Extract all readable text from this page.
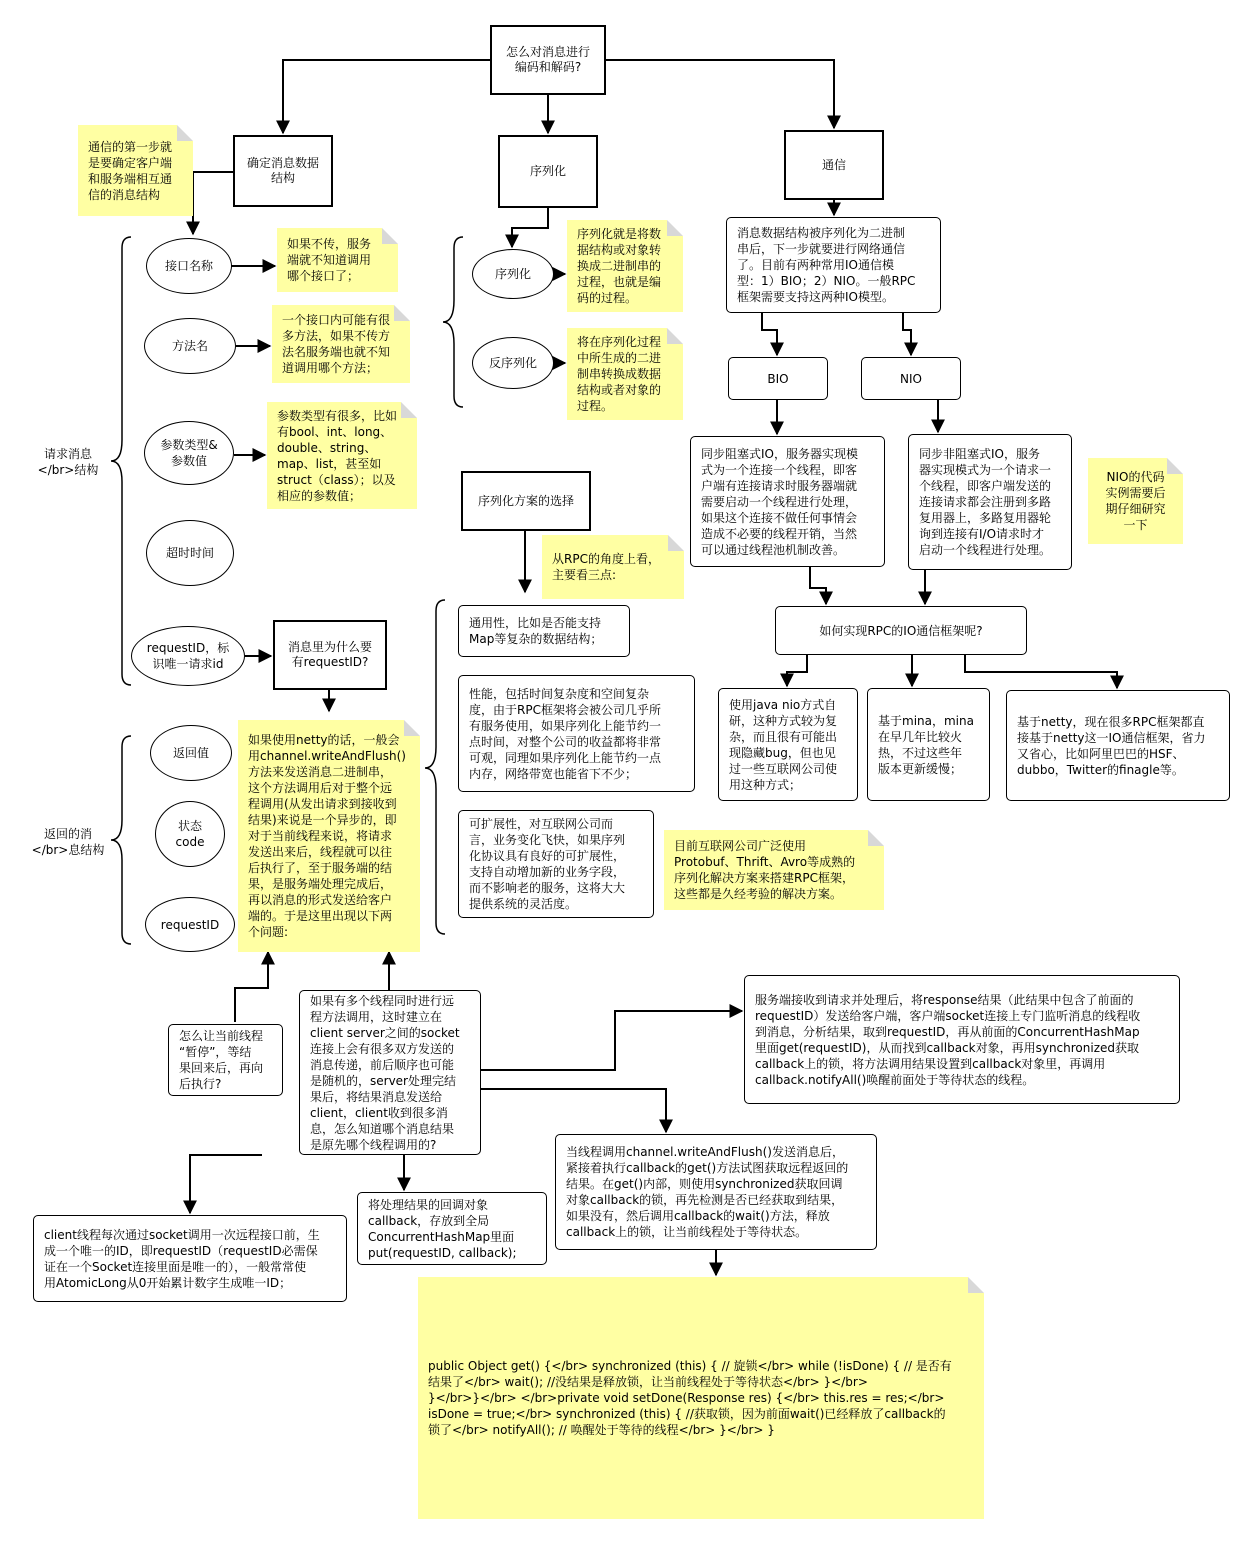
怎么对消息进行
编码和解码?
确定消息数据
结构	序列化	通信
通信的第一步就
是要确定客户端
和服务端相互通
信的消息结构
请求消息
</br>结构
返回的消
</br>息结构
接口名称
如果不传，服务
端就不知道调用
哪个接口了；
方法名
一个接口内可能有很
多方法，如果不传方
法名服务端也就不知
道调用哪个方法；
参数类型&
参数值
参数类型有很多，比如
有bool、int、long、
double、string、
map、list，甚至如
struct（class）；以及
相应的参数值；
超时时间
requestID，标
识唯一请求id
消息里为什么要
有requestID?
返回值
状态
code
requestID
如果使用netty的话，一般会
用channel.writeAndFlush()
方法来发送消息二进制串，
这个方法调用后对于整个远
程调用(从发出请求到接收到
结果)来说是一个异步的，即
对于当前线程来说，将请求
发送出来后，线程就可以往
后执行了，至于服务端的结
果，是服务端处理完成后，
再以消息的形式发送给客户
端的。于是这里出现以下两
个问题:
序列化
反序列化
序列化就是将数
据结构或对象转
换成二进制串的
过程，也就是编
码的过程。
将在序列化过程
中所生成的二进
制串转换成数据
结构或者对象的
过程。
序列化方案的选择
从RPC的角度上看，
主要看三点:
通用性，比如是否能支持
Map等复杂的数据结构；
性能，包括时间复杂度和空间复杂
度，由于RPC框架将会被公司几乎所
有服务使用，如果序列化上能节约一
点时间，对整个公司的收益都将非常
可观，同理如果序列化上能节约一点
内存，网络带宽也能省下不少；
可扩展性，对互联网公司而
言，业务变化飞快，如果序列
化协议具有良好的可扩展性，
支持自动增加新的业务字段，
而不影响老的服务，这将大大
提供系统的灵活度。
目前互联网公司广泛使用
Protobuf、Thrift、Avro等成熟的
序列化解决方案来搭建RPC框架，
这些都是久经考验的解决方案。
消息数据结构被序列化为二进制
串后，下一步就要进行网络通信
了。目前有两种常用IO通信模
型：1）BIO；2）NIO。一般RPC
框架需要支持这两种IO模型。
BIO	NIO
同步阻塞式IO，服务器实现模
式为一个连接一个线程，即客
户端有连接请求时服务器端就
需要启动一个线程进行处理，
如果这个连接不做任何事情会
造成不必要的线程开销，当然
可以通过线程池机制改善。
同步非阻塞式IO，服务
器实现模式为一个请求一
个线程，即客户端发送的
连接请求都会注册到多路
复用器上，多路复用器轮
询到连接有I/O请求时才
启动一个线程进行处理。
NIO的代码
实例需要后
期仔细研究
一下
如何实现RPC的IO通信框架呢?
使用java nio方式自
研，这种方式较为复
杂，而且很有可能出
现隐藏bug，但也见
过一些互联网公司使
用这种方式；
基于mina，mina
在早几年比较火
热，不过这些年
版本更新缓慢；
基于netty，现在很多RPC框架都直
接基于netty这一IO通信框架，省力
又省心，比如阿里巴巴的HSF、
dubbo，Twitter的finagle等。
怎么让当前线程
“暂停”，等结
果回来后，再向
后执行?
如果有多个线程同时进行远
程方法调用，这时建立在
client server之间的socket
连接上会有很多双方发送的
消息传递，前后顺序也可能
是随机的，server处理完结
果后，将结果消息发送给
client，client收到很多消
息，怎么知道哪个消息结果
是原先哪个线程调用的?
服务端接收到请求并处理后，将response结果（此结果中包含了前面的
requestID）发送给客户端，客户端socket连接上专门监听消息的线程收
到消息，分析结果，取到requestID，再从前面的ConcurrentHashMap
里面get(requestID)，从而找到callback对象，再用synchronized获取
callback上的锁，将方法调用结果设置到callback对象里，再调用
callback.notifyAll()唤醒前面处于等待状态的线程。
client线程每次通过socket调用一次远程接口前，生
成一个唯一的ID，即requestID（requestID必需保
证在一个Socket连接里面是唯一的），一般常常使
用AtomicLong从0开始累计数字生成唯一ID；
将处理结果的回调对象
callback，存放到全局
ConcurrentHashMap里面
put(requestID, callback);
当线程调用channel.writeAndFlush()发送消息后，
紧接着执行callback的get()方法试图获取远程返回的
结果。在get()内部，则使用synchronized获取回调
对象callback的锁，再先检测是否已经获取到结果，
如果没有，然后调用callback的wait()方法，释放
callback上的锁，让当前线程处于等待状态。
public Object get() {</br> synchronized (this) { // 旋锁</br> while (!isDone) { // 是否有
结果了</br> wait(); //没结果是释放锁，让当前线程处于等待状态</br> }</br>
}</br>}</br> </br>private void setDone(Response res) {</br> this.res = res;</br>
isDone = true;</br> synchronized (this) { //获取锁，因为前面wait()已经释放了callback的
锁了</br> notifyAll(); // 唤醒处于等待的线程</br> }</br> }
